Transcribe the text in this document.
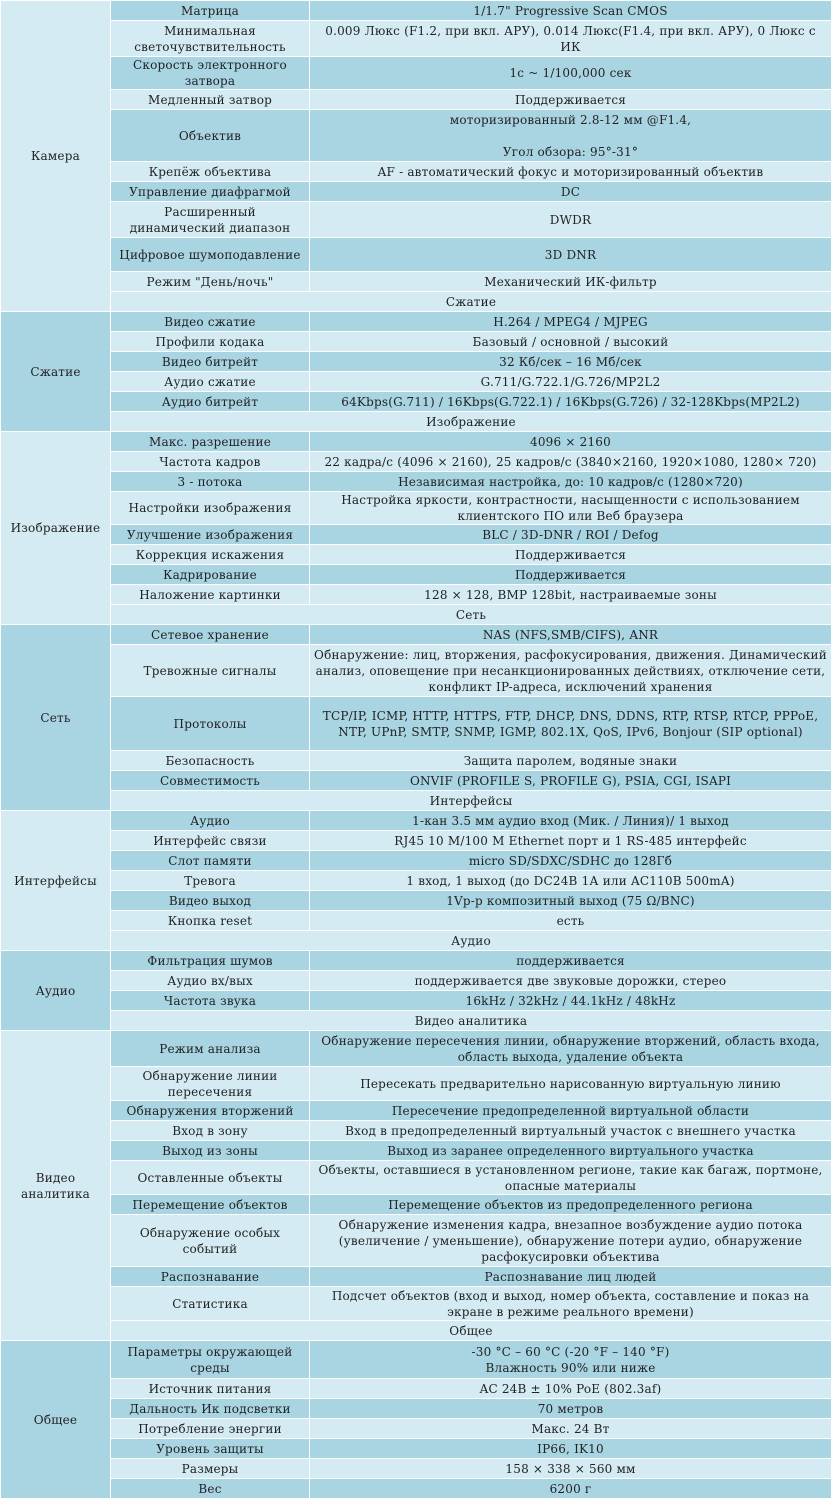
Камера	Матрица	1/1.7" Progressive Scan CMOS
	Минимальная светочувствительность	0.009 Люкс (F1.2, при вкл. АРУ), 0.014 Люкс(F1.4, при вкл. АРУ), 0 Люкс с ИК
	Скорость электронного затвора	1с ~ 1/100,000 сек
	Медленный затвор	Поддерживается
	Объектив	моторизированный 2.8-12 мм @F1.4,

Угол обзора: 95°-31°
	Крепёж объектива	AF - автоматический фокус и моторизированный объектив
	Управление диафрагмой	DC
	Расширенный динамический диапазон	DWDR
	Цифровое шумоподавление	3D DNR
	Режим "День/ночь"	Механический ИК-фильтр
	Сжатие	
Сжатие	Видео сжатие	H.264 / MPEG4 / MJPEG
	Профили кодака	Базовый / основной / высокий
	Видео битрейт	32 Кб/сек – 16 Мб/сек
	Аудио сжатие	G.711/G.722.1/G.726/MP2L2
	Аудио битрейт	64Kbps(G.711) / 16Kbps(G.722.1) / 16Kbps(G.726) / 32-128Kbps(MP2L2)
	Изображение	
Изображение	Макс. разрешение	4096 × 2160
	Частота кадров	22 кадра/с (4096 × 2160), 25 кадров/с (3840×2160, 1920×1080, 1280× 720)
	3 - потока	Независимая настройка, до: 10 кадров/с (1280×720)
	Настройки изображения	Настройка яркости, контрастности, насыщенности с использованием клиентского ПО или Веб браузера
	Улучшение изображения	BLC / 3D-DNR / ROI / Defog
	Коррекция искажения	Поддерживается
	Кадрирование	Поддерживается
	Наложение картинки	128 × 128, BMP 128bit, настраиваемые зоны
	Сеть	
Сеть	Сетевое хранение	NAS (NFS,SMB/CIFS), ANR
	Тревожные сигналы	Обнаружение: лиц, вторжения, расфокусирования, движения. Динамический анализ, оповещение при несанкционированных действиях, отключение сети, конфликт IP-адреса, исключений хранения
	Протоколы	TCP/IP, ICMP, HTTP, HTTPS, FTP, DHCP, DNS, DDNS, RTP, RTSP, RTCP, PPPoE, NTP, UPnP, SMTP, SNMP, IGMP, 802.1X, QoS, IPv6, Bonjour (SIP optional)
	Безопасность	Защита паролем, водяные знаки
	Совместимость	ONVIF (PROFILE S, PROFILE G), PSIA, CGI, ISAPI
	Интерфейсы	
Интерфейсы	Аудио	1-кан 3.5 мм аудио вход (Мик. / Линия)/ 1 выход
	Интерфейс связи	RJ45 10 M/100 M Ethernet порт и 1 RS-485 интерфейс
	Слот памяти	micro SD/SDXC/SDHC до 128Гб
	Тревога	1 вход, 1 выход (до DC24В 1А или AC110В 500mA)
	Видео выход	1Vp-p композитный выход (75 Ω/BNC)
	Кнопка reset	есть
	Аудио	
Аудио	Фильтрация шумов	поддерживается
	Аудио вх/вых	поддерживается две звуковые дорожки, стерео
	Частота звука	16kHz / 32kHz / 44.1kHz / 48kHz
	Видео аналитика	
Видео аналитика	Режим анализа	Обнаружение пересечения линии, обнаружение вторжений, область входа, область выхода, удаление объекта
	Обнаружение линии пересечения	Пересекать предварительно нарисованную виртуальную линию
	Обнаружения вторжений	Пересечение предопределенной виртуальной области
	Вход в зону	Вход в предопределенный виртуальный участок с внешнего участка
	Выход из зоны	Выход из заранее определенного виртуального участка
	Оставленные объекты	Объекты, оставшиеся в установленном регионе, такие как багаж, портмоне, опасные материалы
	Перемещение объектов	Перемещение объектов из предопределенного региона
	Обнаружение особых событий	Обнаружение изменения кадра, внезапное возбуждение аудио потока (увеличение / уменьшение), обнаружение потери аудио, обнаружение расфокусировки объектива
	Распознавание	Распознавание лиц людей
	Статистика	Подсчет объектов (вход и выход, номер объекта, составление и показ на экране в режиме реального времени)
	Общее	
Общее	Параметры окружающей среды	-30 °C – 60 °C (-20 °F – 140 °F)
Влажность 90% или ниже
	Источник питания	AC 24В ± 10% PoE (802.3af)
	Дальность Ик подсветки	70 метров
	Потребление энергии	Макс. 24 Вт
	Уровень защиты	IP66, IK10
	Размеры	158 × 338 × 560 мм
	Вес	6200 г
